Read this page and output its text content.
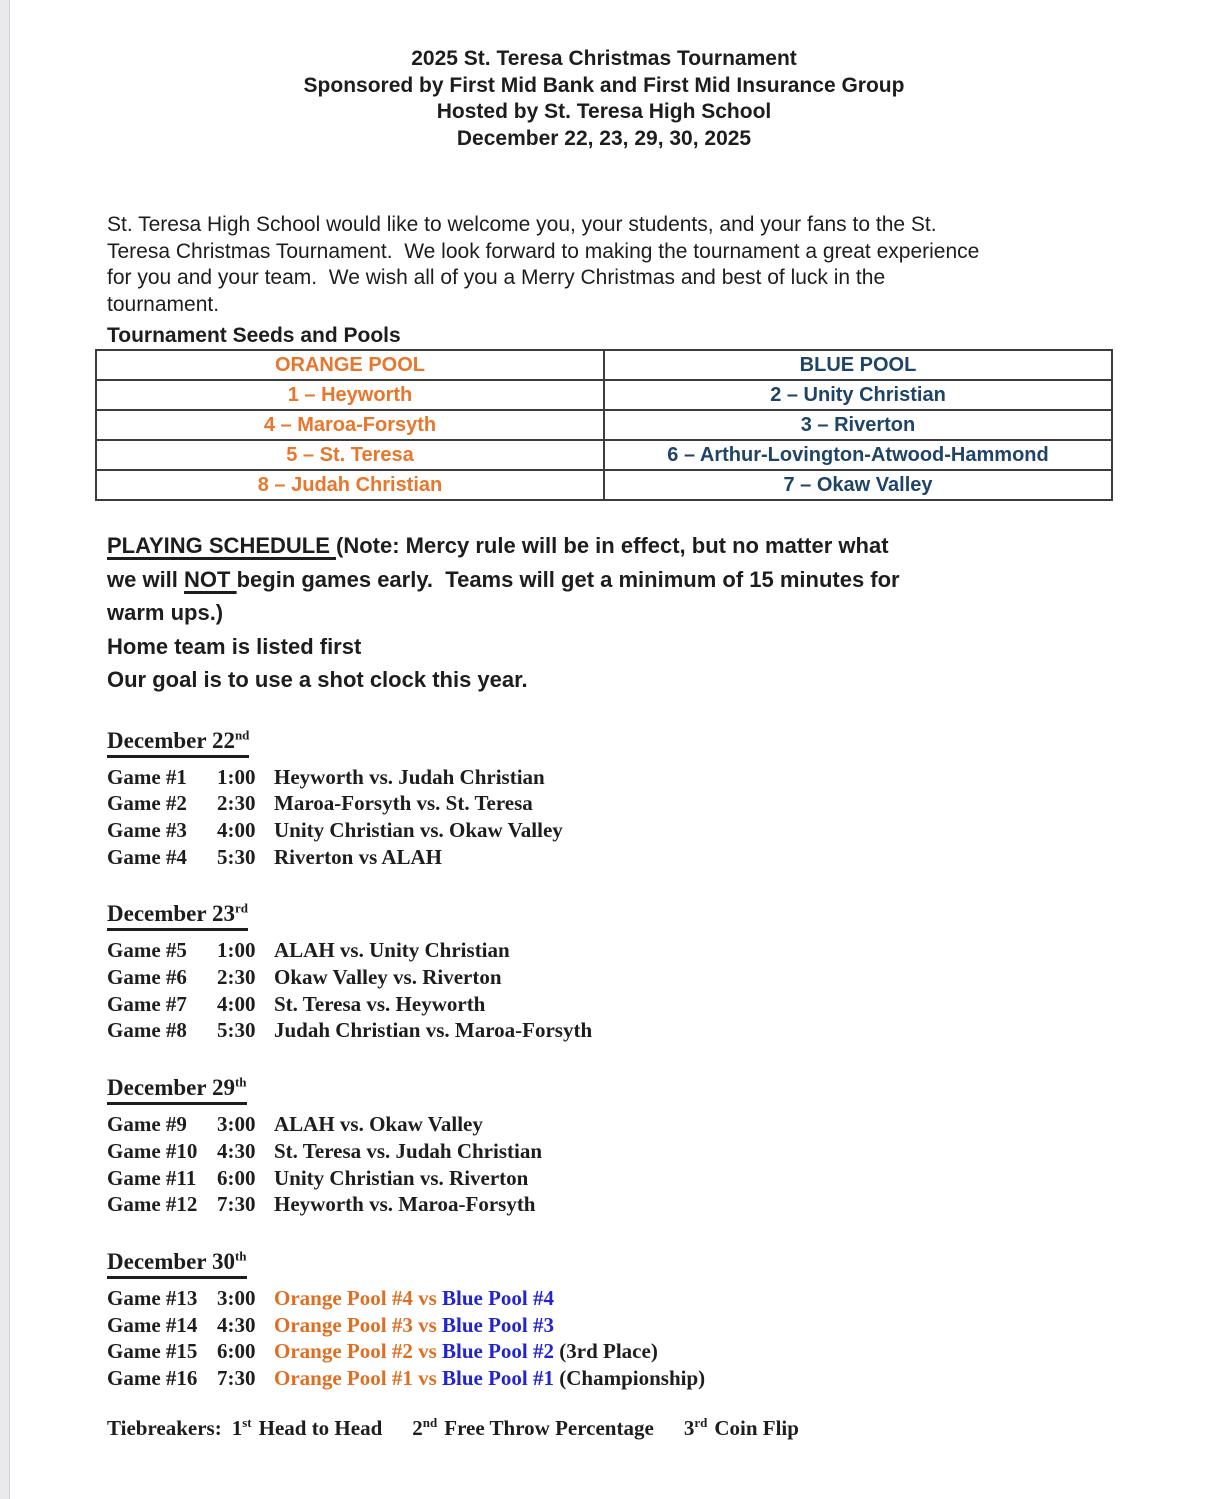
2025 St. Teresa Christmas Tournament
Sponsored by First Mid Bank and First Mid Insurance Group
Hosted by St. Teresa High School
December 22, 23, 29, 30, 2025
St. Teresa High School would like to welcome you, your students, and your fans to the St.
Teresa Christmas Tournament.  We look forward to making the tournament a great experience
for you and your team.  We wish all of you a Merry Christmas and best of luck in the
tournament.
Tournament Seeds and Pools
ORANGE POOL	BLUE POOL
1 – Heyworth	2 – Unity Christian
4 – Maroa-Forsyth	3 – Riverton
5 – St. Teresa	6 – Arthur-Lovington-Atwood-Hammond
8 – Judah Christian	7 – Okaw Valley
PLAYING SCHEDULE (Note: Mercy rule will be in effect, but no matter what
we will NOT begin games early.  Teams will get a minimum of 15 minutes for
warm ups.)
Home team is listed first
Our goal is to use a shot clock this year.
December 22nd
Game #1	1:00 Heyworth vs. Judah Christian
Game #2	2:30 Maroa-Forsyth vs. St. Teresa
Game #3	4:00 Unity Christian vs. Okaw Valley
Game #4	5:30 Riverton vs ALAH
December 23rd
Game #5	1:00 ALAH vs. Unity Christian
Game #6	2:30 Okaw Valley vs. Riverton
Game #7	4:00 St. Teresa vs. Heyworth
Game #8	5:30 Judah Christian vs. Maroa-Forsyth
December 29th
Game #9	3:00 ALAH vs. Okaw Valley
Game #10 4:30 St. Teresa vs. Judah Christian
Game #11 6:00 Unity Christian vs. Riverton
Game #12 7:30 Heyworth vs. Maroa-Forsyth
December 30th
Game #13 3:00 Orange Pool #4 vs Blue Pool #4
Game #14 4:30 Orange Pool #3 vs Blue Pool #3
Game #15 6:00 Orange Pool #2 vs Blue Pool #2 (3rd Place)
Game #16 7:30 Orange Pool #1 vs Blue Pool #1 (Championship)
Tiebreakers: 1st Head to Head 2nd Free Throw Percentage 3rd Coin Flip
